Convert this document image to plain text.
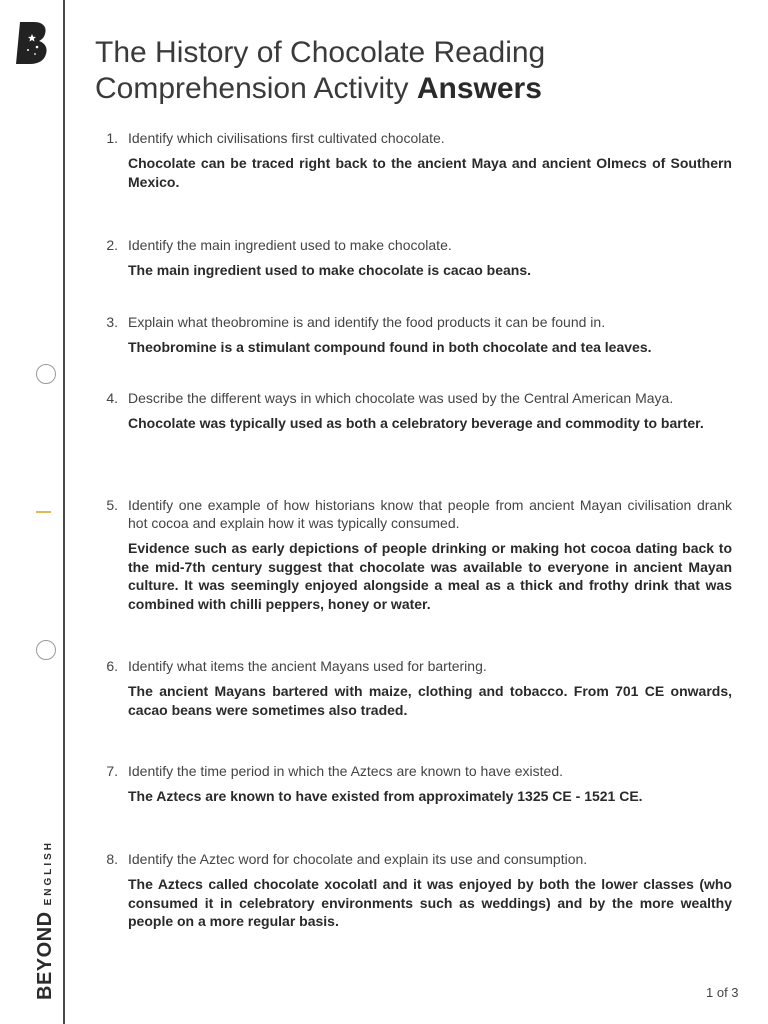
BEYONDENGLISH
The History of Chocolate Reading Comprehension Activity Answers
1. Identify which civilisations first cultivated chocolate.
Chocolate can be traced right back to the ancient Maya and ancient Olmecs of Southern Mexico.
2. Identify the main ingredient used to make chocolate.
The main ingredient used to make chocolate is cacao beans.
3. Explain what theobromine is and identify the food products it can be found in.
Theobromine is a stimulant compound found in both chocolate and tea leaves.
4. Describe the different ways in which chocolate was used by the Central American Maya.
Chocolate was typically used as both a celebratory beverage and commodity to barter.
5. Identify one example of how historians know that people from ancient Mayan civilisation drank hot cocoa and explain how it was typically consumed.
Evidence such as early depictions of people drinking or making hot cocoa dating back to the mid-7th century suggest that chocolate was available to everyone in ancient Mayan culture. It was seemingly enjoyed alongside a meal as a thick and frothy drink that was combined with chilli peppers, honey or water.
6. Identify what items the ancient Mayans used for bartering.
The ancient Mayans bartered with maize, clothing and tobacco. From 701 CE onwards, cacao beans were sometimes also traded.
7. Identify the time period in which the Aztecs are known to have existed.
The Aztecs are known to have existed from approximately 1325 CE - 1521 CE.
8. Identify the Aztec word for chocolate and explain its use and consumption.
The Aztecs called chocolate xocolatl and it was enjoyed by both the lower classes (who consumed it in celebratory environments such as weddings) and by the more wealthy people on a more regular basis.
1 of 3
